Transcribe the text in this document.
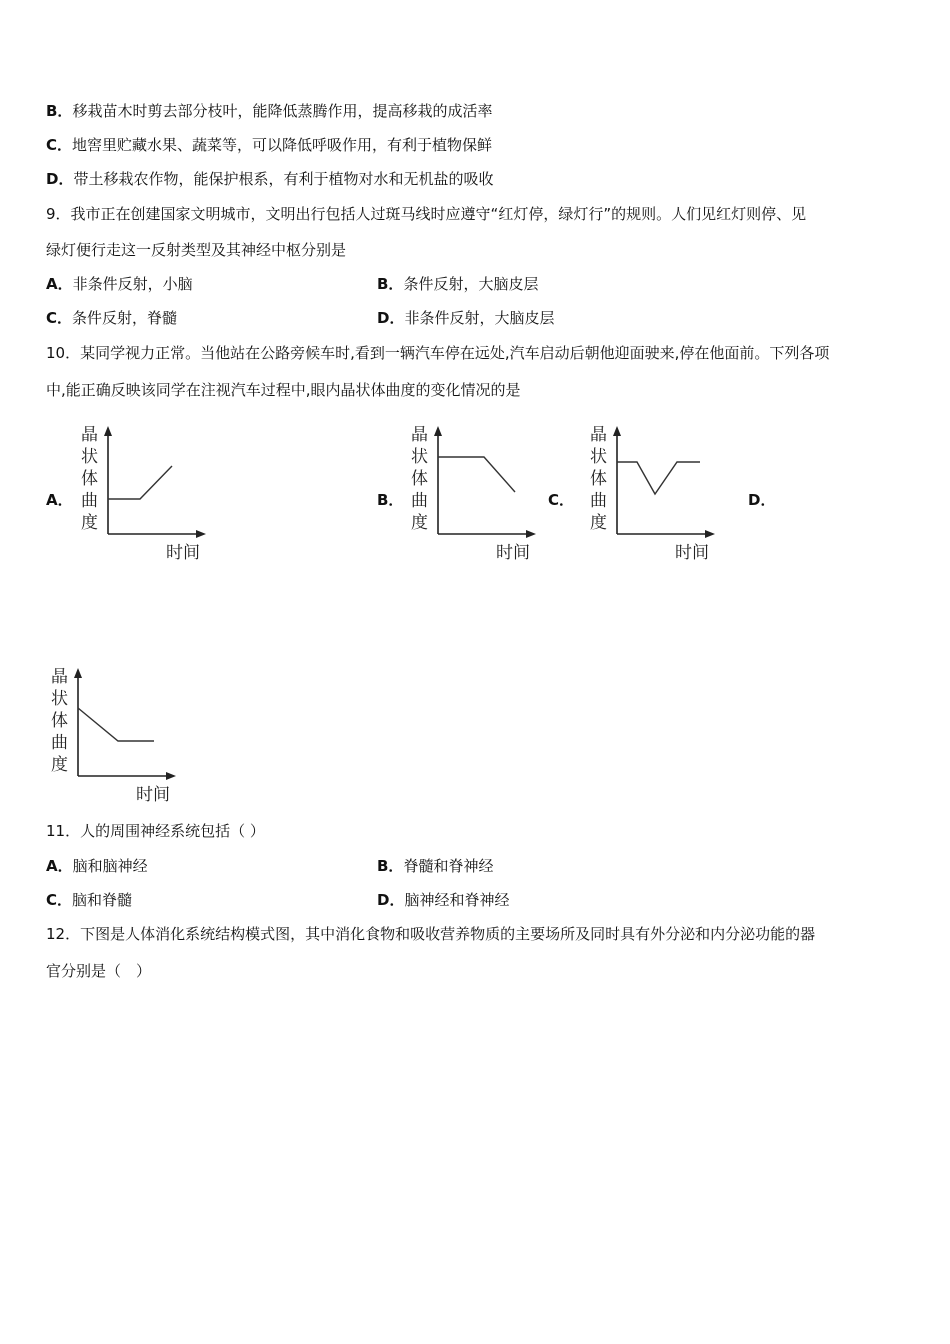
B．移栽苗木时剪去部分枝叶，能降低蒸腾作用，提高移栽的成活率
C．地窖里贮藏水果、蔬菜等，可以降低呼吸作用，有利于植物保鲜
D．带土移栽农作物，能保护根系，有利于植物对水和无机盐的吸收
9．我市正在创建国家文明城市，文明出行包括人过斑马线时应遵守“红灯停，绿灯行”的规则。人们见红灯则停、见
绿灯便行走这一反射类型及其神经中枢分别是
A．非条件反射，小脑	B．条件反射，大脑皮层
C．条件反射，脊髓	D．非条件反射，大脑皮层
10．某同学视力正常。当他站在公路旁候车时,看到一辆汽车停在远处,汽车启动后朝他迎面驶来,停在他面前。下列各项
中,能正确反映该同学在注视汽车过程中,眼内晶状体曲度的变化情况的是
A．	B．	C．	D．
晶
状
体
曲
度
时间
晶
状
体
曲
度
时间
晶
状
体
曲
度
时间
晶
状
体
曲
度
时间
11．人的周围神经系统包括（ ）
A．脑和脑神经	B．脊髓和脊神经
C．脑和脊髓	D．脑神经和脊神经
12．下图是人体消化系统结构模式图，其中消化食物和吸收营养物质的主要场所及同时具有外分泌和内分泌功能的器
官分别是（　）
